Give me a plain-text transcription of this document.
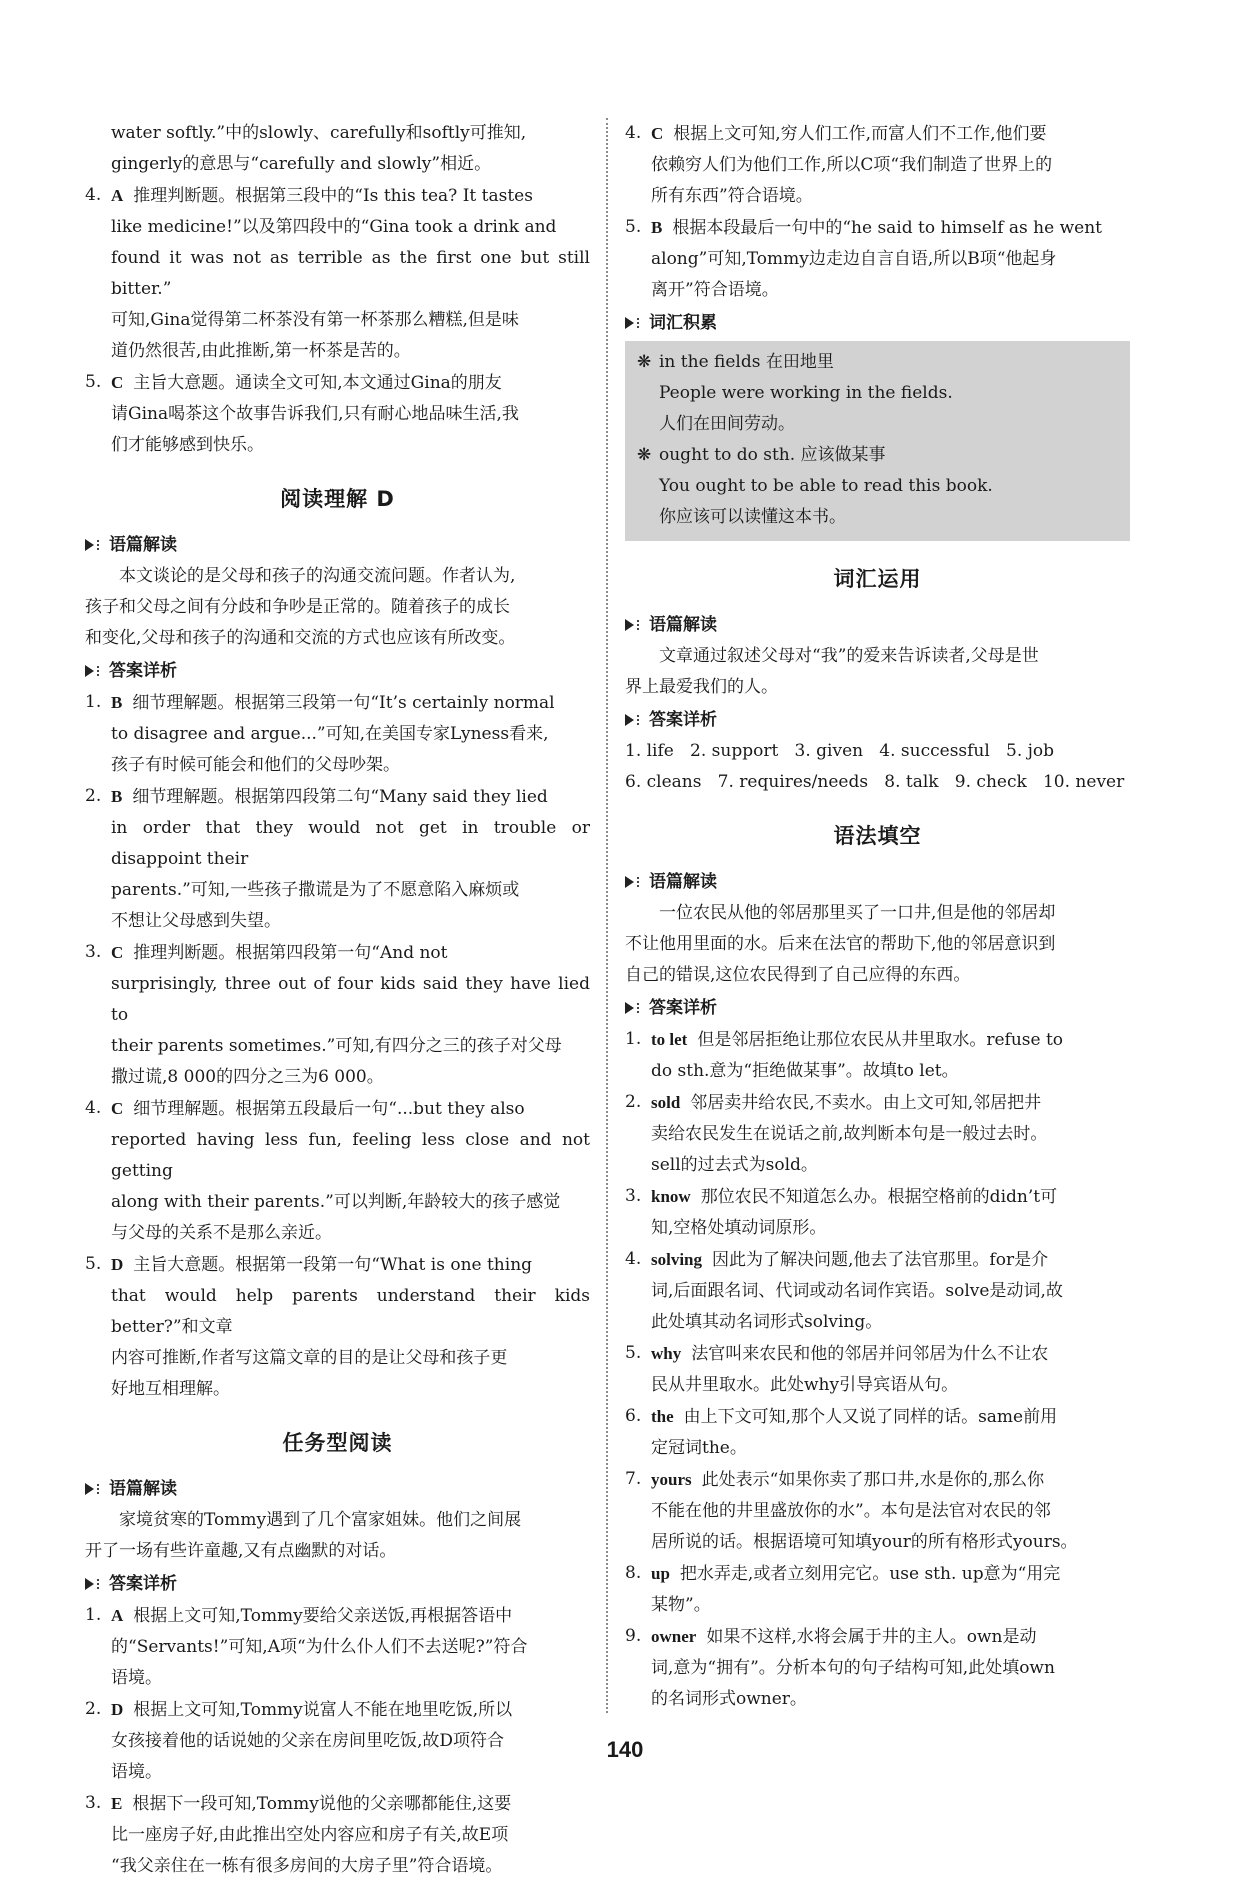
water softly.”中的slowly、carefully和softly可推知,

gingerly的意思与“carefully and slowly”相近。

4. A 推理判断题。根据第三段中的“Is this tea? It tastes

like medicine!”以及第四段中的“Gina took a drink and

found it was not as terrible as the first one but still bitter.”

可知,Gina觉得第二杯茶没有第一杯茶那么糟糕,但是味

道仍然很苦,由此推断,第一杯茶是苦的。

5. C 主旨大意题。通读全文可知,本文通过Gina的朋友

请Gina喝茶这个故事告诉我们,只有耐心地品味生活,我

们才能够感到快乐。

阅读理解 D
语篇解读

本文谈论的是父母和孩子的沟通交流问题。作者认为,

孩子和父母之间有分歧和争吵是正常的。随着孩子的成长

和变化,父母和孩子的沟通和交流的方式也应该有所改变。

答案详析
1. B 细节理解题。根据第三段第一句“It’s certainly normal

to disagree and argue...”可知,在美国专家Lyness看来,

孩子有时候可能会和他们的父母吵架。

2. B 细节理解题。根据第四段第二句“Many said they lied

in order that they would not get in trouble or disappoint their

parents.”可知,一些孩子撒谎是为了不愿意陷入麻烦或

不想让父母感到失望。

3. C 推理判断题。根据第四段第一句“And not

surprisingly, three out of four kids said they have lied to

their parents sometimes.”可知,有四分之三的孩子对父母

撒过谎,8 000的四分之三为6 000。

4. C 细节理解题。根据第五段最后一句“...but they also

reported having less fun, feeling less close and not getting

along with their parents.”可以判断,年龄较大的孩子感觉

与父母的关系不是那么亲近。

5. D 主旨大意题。根据第一段第一句“What is one thing

that would help parents understand their kids better?”和文章

内容可推断,作者写这篇文章的目的是让父母和孩子更

好地互相理解。

任务型阅读
语篇解读

家境贫寒的Tommy遇到了几个富家姐妹。他们之间展

开了一场有些许童趣,又有点幽默的对话。

答案详析
1. A 根据上文可知,Tommy要给父亲送饭,再根据答语中

的“Servants!”可知,A项“为什么仆人们不去送呢?”符合

语境。

2. D 根据上文可知,Tommy说富人不能在地里吃饭,所以

女孩接着他的话说她的父亲在房间里吃饭,故D项符合

语境。

3. E 根据下一段可知,Tommy说他的父亲哪都能住,这要

比一座房子好,由此推出空处内容应和房子有关,故E项

“我父亲住在一栋有很多房间的大房子里”符合语境。

4. C 根据上文可知,穷人们工作,而富人们不工作,他们要

依赖穷人们为他们工作,所以C项“我们制造了世界上的

所有东西”符合语境。

5. B 根据本段最后一句中的“he said to himself as he went

along”可知,Tommy边走边自言自语,所以B项“他起身

离开”符合语境。

词汇积累
❋ in the fields 在田地里
People were working in the fields.
人们在田间劳动。
❋ ought to do sth. 应该做某事
You ought to be able to read this book.
你应该可以读懂这本书。
词汇运用
语篇解读

文章通过叙述父母对“我”的爱来告诉读者,父母是世

界上最爱我们的人。

答案详析

1. life   2. support   3. given   4. successful   5. job

6. cleans   7. requires/needs   8. talk   9. check   10. never

语法填空
语篇解读

一位农民从他的邻居那里买了一口井,但是他的邻居却

不让他用里面的水。后来在法官的帮助下,他的邻居意识到

自己的错误,这位农民得到了自己应得的东西。

答案详析
1. to let 但是邻居拒绝让那位农民从井里取水。refuse to

do sth.意为“拒绝做某事”。故填to let。

2. sold 邻居卖井给农民,不卖水。由上文可知,邻居把井

卖给农民发生在说话之前,故判断本句是一般过去时。

sell的过去式为sold。

3. know 那位农民不知道怎么办。根据空格前的didn’t可

知,空格处填动词原形。

4. solving 因此为了解决问题,他去了法官那里。for是介

词,后面跟名词、代词或动名词作宾语。solve是动词,故

此处填其动名词形式solving。

5. why 法官叫来农民和他的邻居并问邻居为什么不让农

民从井里取水。此处why引导宾语从句。

6. the 由上下文可知,那个人又说了同样的话。same前用

定冠词the。

7. yours 此处表示“如果你卖了那口井,水是你的,那么你

不能在他的井里盛放你的水”。本句是法官对农民的邻

居所说的话。根据语境可知填your的所有格形式yours。

8. up 把水弄走,或者立刻用完它。use sth. up意为“用完

某物”。

9. owner 如果不这样,水将会属于井的主人。own是动

词,意为“拥有”。分析本句的句子结构可知,此处填own

的名词形式owner。

140
